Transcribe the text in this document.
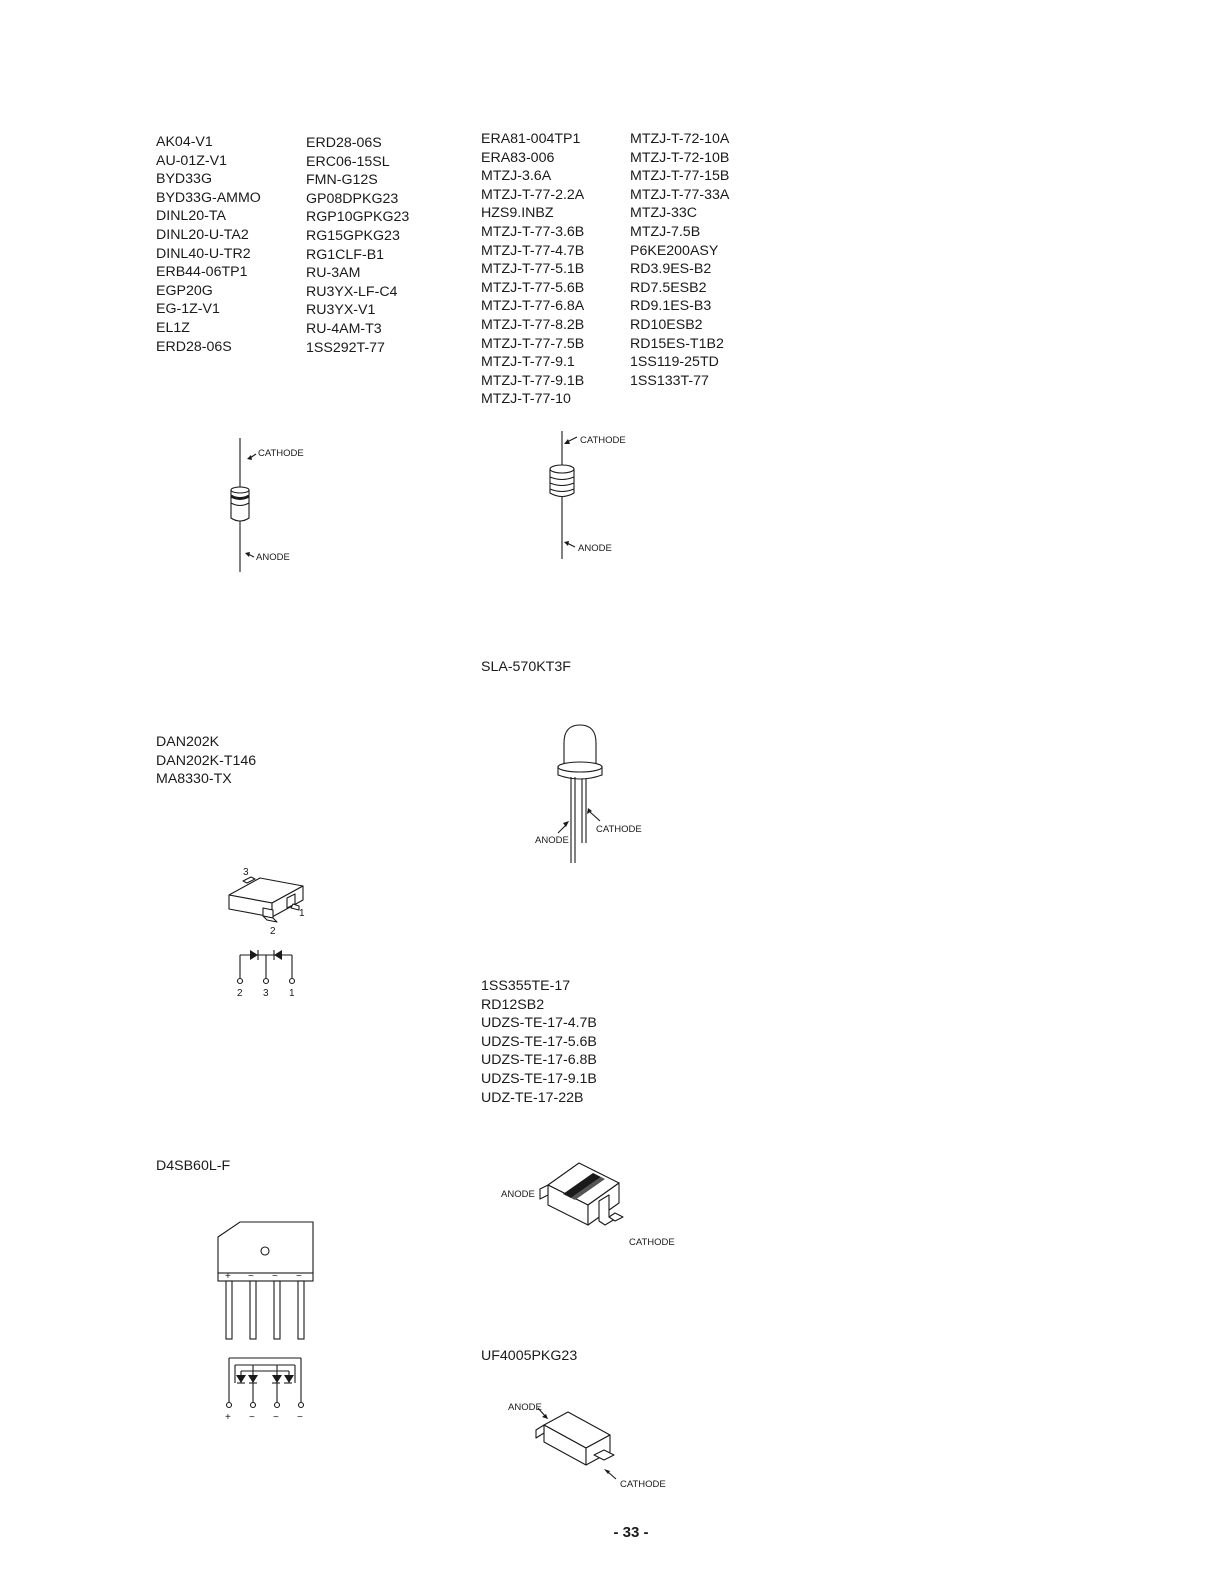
AK04-V1
AU-01Z-V1
BYD33G
BYD33G-AMMO
DINL20-TA
DINL20-U-TA2
DINL40-U-TR2
ERB44-06TP1
EGP20G
EG-1Z-V1
EL1Z
ERD28-06S
ERD28-06S
ERC06-15SL
FMN-G12S
GP08DPKG23
RGP10GPKG23
RG15GPKG23
RG1CLF-B1
RU-3AM
RU3YX-LF-C4
RU3YX-V1
RU-4AM-T3
1SS292T-77
ERA81-004TP1
ERA83-006
MTZJ-3.6A
MTZJ-T-77-2.2A
HZS9.INBZ
MTZJ-T-77-3.6B
MTZJ-T-77-4.7B
MTZJ-T-77-5.1B
MTZJ-T-77-5.6B
MTZJ-T-77-6.8A
MTZJ-T-77-8.2B
MTZJ-T-77-7.5B
MTZJ-T-77-9.1
MTZJ-T-77-9.1B
MTZJ-T-77-10
MTZJ-T-72-10A
MTZJ-T-72-10B
MTZJ-T-77-15B
MTZJ-T-77-33A
MTZJ-33C
MTZJ-7.5B
P6KE200ASY
RD3.9ES-B2
RD7.5ESB2
RD9.1ES-B3
RD10ESB2
RD15ES-T1B2
1SS119-25TD
1SS133T-77
SLA-570KT3F
DAN202K
DAN202K-T146
MA8330-TX
1SS355TE-17
RD12SB2
UDZS-TE-17-4.7B
UDZS-TE-17-5.6B
UDZS-TE-17-6.8B
UDZS-TE-17-9.1B
UDZ-TE-17-22B
D4SB60L-F
UF4005PKG23
CATHODE
ANODE
CATHODE
ANODE
ANODE
CATHODE
3
1
2
2 3 1
ANODE
CATHODE
+ ~ ~ −
+ ~ ~ −
ANODE
CATHODE
- 33 -
